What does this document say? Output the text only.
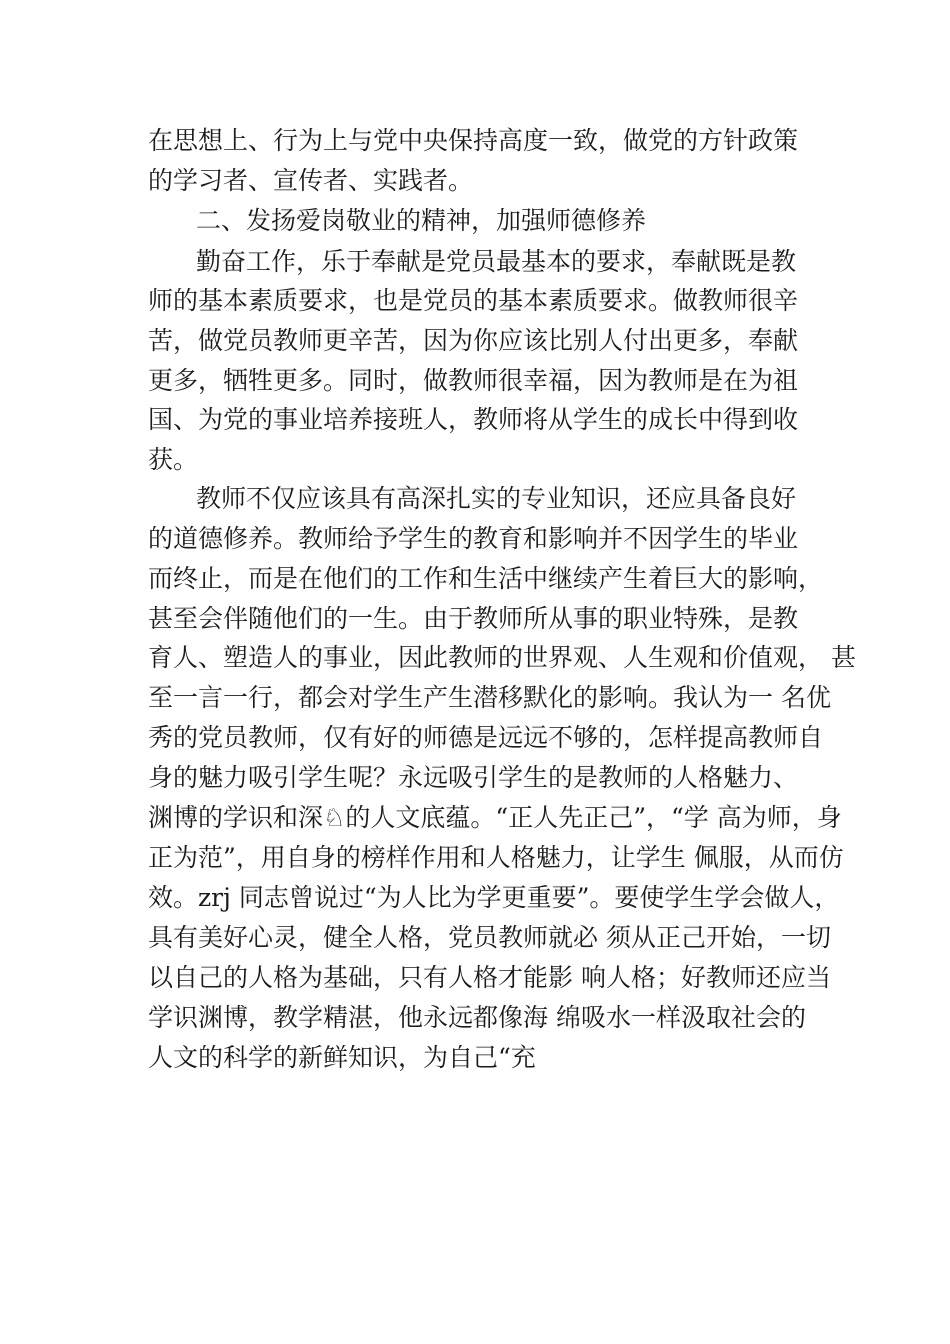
在思想上、行为上与党中央保持高度一致，做党的方针政策
的学习者、宣传者、实践者。
二、发扬爱岗敬业的精神，加强师德修养
勤奋工作，乐于奉献是党员最基本的要求，奉献既是教
师的基本素质要求，也是党员的基本素质要求。做教师很辛
苦，做党员教师更辛苦，因为你应该比别人付出更多，奉献
更多，牺牲更多。同时，做教师很幸福，因为教师是在为祖
国、为党的事业培养接班人，教师将从学生的成长中得到收
获。
教师不仅应该具有高深扎实的专业知识，还应具备良好
的道德修养。教师给予学生的教育和影响并不因学生的毕业
而终止，而是在他们的工作和生活中继续产生着巨大的影响，
甚至会伴随他们的一生。由于教师所从事的职业特殊，是教
育人、塑造人的事业，因此教师的世界观、人生观和价值观， 甚
至一言一行，都会对学生产生潜移默化的影响。我认为一 名优
秀的党员教师，仅有好的师德是远远不够的，怎样提高教师自
身的魅力吸引学生呢？永远吸引学生的是教师的人格魅力、
渊博的学识和深♘的人文底蕴。“正人先正己”，“学 高为师，身
正为范”，用自身的榜样作用和人格魅力，让学生 佩服，从而仿
效。zrj 同志曾说过“为人比为学更重要”。要使学生学会做人，
具有美好心灵，健全人格，党员教师就必 须从正己开始，一切
以自己的人格为基础，只有人格才能影 响人格；好教师还应当
学识渊博，教学精湛，他永远都像海 绵吸水一样汲取社会的
人文的科学的新鲜知识，为自己“充
